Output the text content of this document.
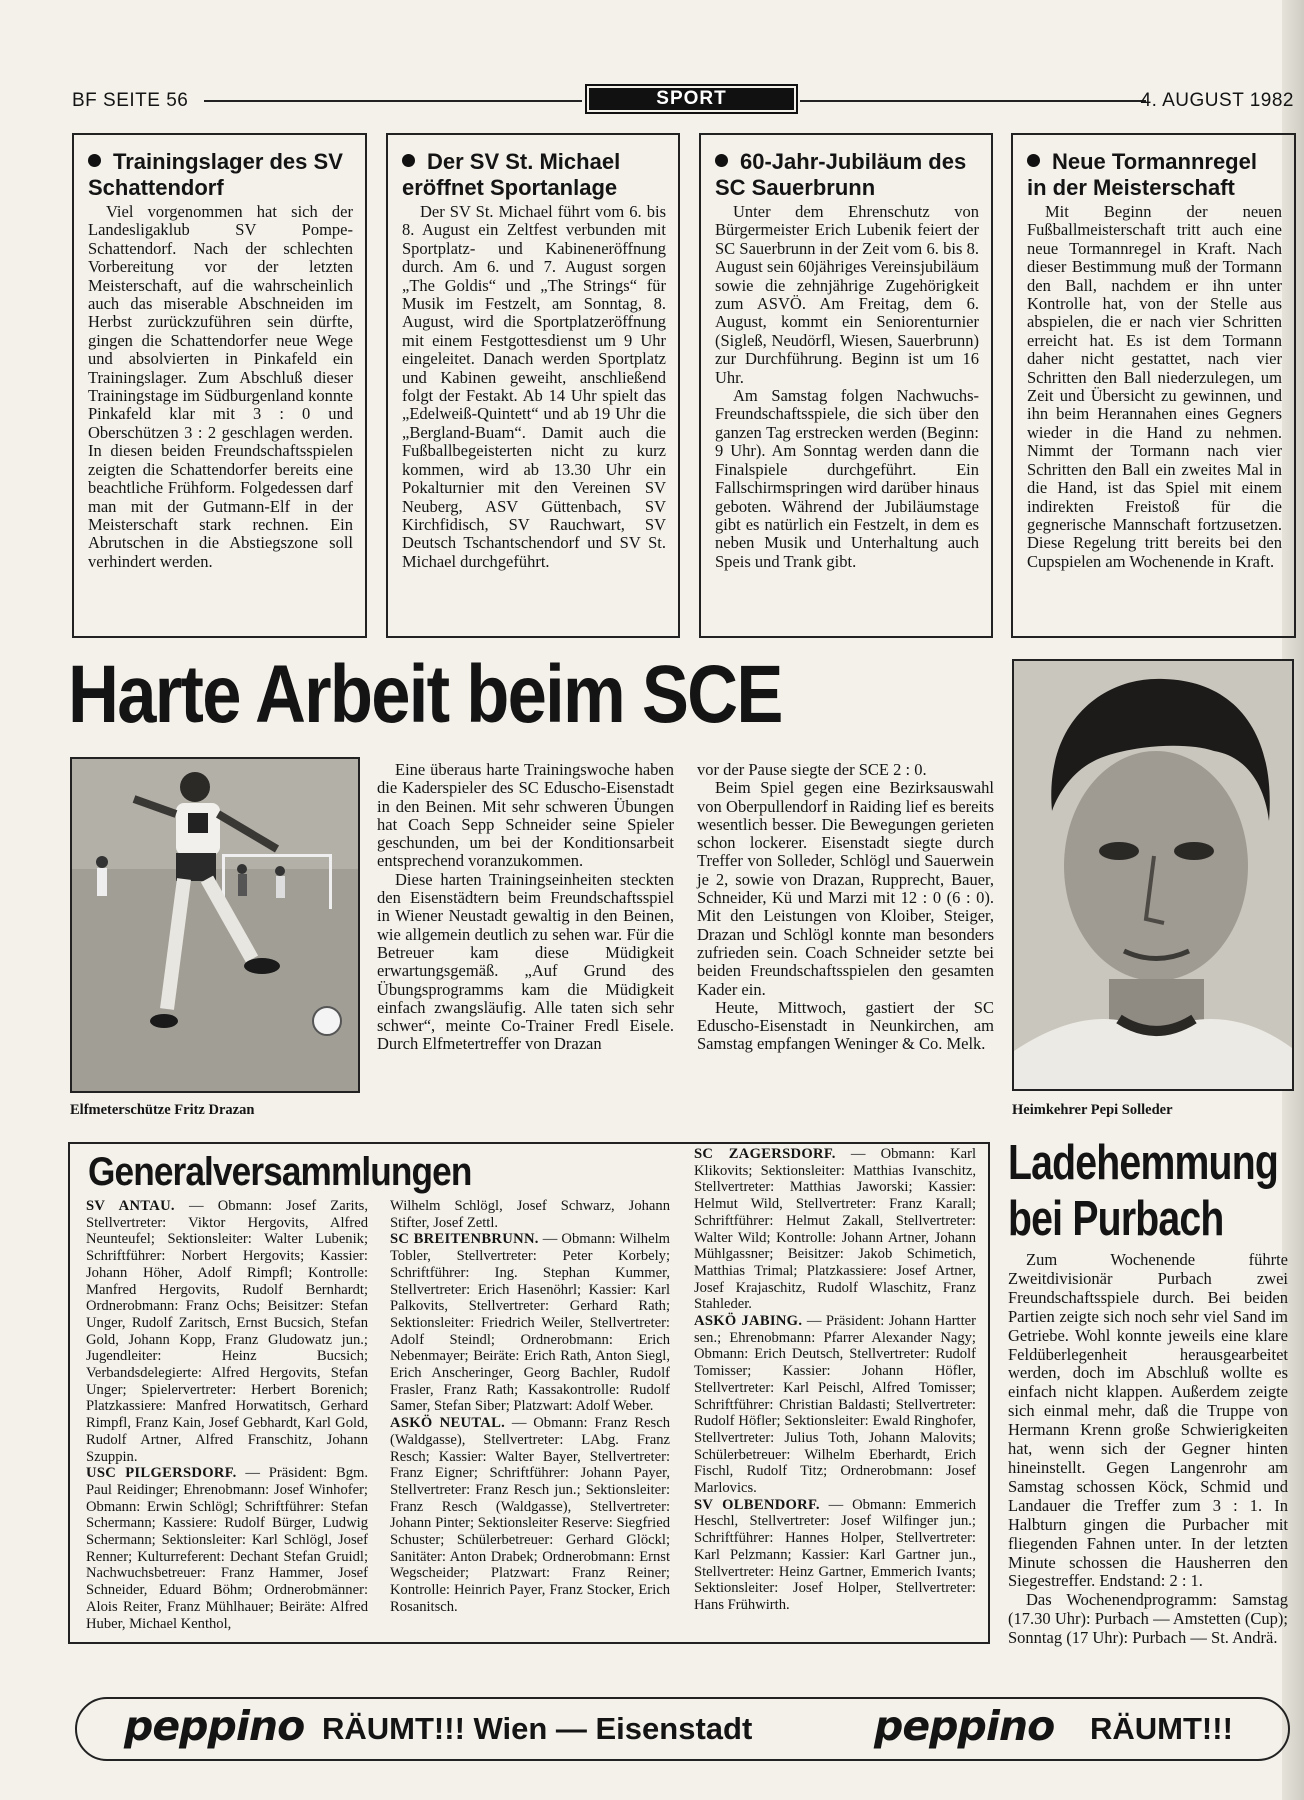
BF SEITE 56	SPORT	4. AUGUST 1982
Trainingslager des SV Schattendorf

Viel vorgenommen hat sich der Landesligaklub SV Pompe-Schattendorf. Nach der schlechten Vorbereitung vor der letzten Meisterschaft, auf die wahrscheinlich auch das miserable Abschneiden im Herbst zurückzuführen sein dürfte, gingen die Schattendorfer neue Wege und absolvierten in Pinkafeld ein Trainingslager. Zum Abschluß dieser Trainingstage im Südburgenland konnte Pinkafeld klar mit 3 : 0 und Oberschützen 3 : 2 geschlagen werden. In diesen beiden Freundschaftsspielen zeigten die Schattendorfer bereits eine beachtliche Frühform. Folgedessen darf man mit der Gutmann-Elf in der Meisterschaft stark rechnen. Ein Abrutschen in die Abstiegszone soll verhindert werden.

Der SV St. Michael eröffnet Sportanlage

Der SV St. Michael führt vom 6. bis 8. August ein Zeltfest verbunden mit Sportplatz- und Kabineneröffnung durch. Am 6. und 7. August sorgen „The Goldis“ und „The Strings“ für Musik im Festzelt, am Sonntag, 8. August, wird die Sportplatzeröffnung mit einem Festgottesdienst um 9 Uhr eingeleitet. Danach werden Sportplatz und Kabinen geweiht, anschließend folgt der Festakt. Ab 14 Uhr spielt das „Edelweiß-Quintett“ und ab 19 Uhr die „Bergland-Buam“. Damit auch die Fußballbegeisterten nicht zu kurz kommen, wird ab 13.30 Uhr ein Pokalturnier mit den Vereinen SV Neuberg, ASV Güttenbach, SV Kirchfidisch, SV Rauchwart, SV Deutsch Tschantschendorf und SV St. Michael durchgeführt.

60-Jahr-Jubiläum des SC Sauerbrunn

Unter dem Ehrenschutz von Bürgermeister Erich Lubenik feiert der SC Sauerbrunn in der Zeit vom 6. bis 8. August sein 60jähriges Vereinsjubiläum sowie die zehnjährige Zugehörigkeit zum ASVÖ. Am Freitag, dem 6. August, kommt ein Seniorenturnier (Sigleß, Neudörfl, Wiesen, Sauerbrunn) zur Durchführung. Beginn ist um 16 Uhr.

Am Samstag folgen Nachwuchs-Freundschaftsspiele, die sich über den ganzen Tag erstrecken werden (Beginn: 9 Uhr). Am Sonntag werden dann die Finalspiele durchgeführt. Ein Fallschirmspringen wird darüber hinaus geboten. Während der Jubiläumstage gibt es natürlich ein Festzelt, in dem es neben Musik und Unterhaltung auch Speis und Trank gibt.

Neue Tormannregel in der Meisterschaft

Mit Beginn der neuen Fußballmeisterschaft tritt auch eine neue Tormannregel in Kraft. Nach dieser Bestimmung muß der Tormann den Ball, nachdem er ihn unter Kontrolle hat, von der Stelle aus abspielen, die er nach vier Schritten erreicht hat. Es ist dem Tormann daher nicht gestattet, nach vier Schritten den Ball niederzulegen, um Zeit und Übersicht zu gewinnen, und ihn beim Herannahen eines Gegners wieder in die Hand zu nehmen. Nimmt der Tormann nach vier Schritten den Ball ein zweites Mal in die Hand, ist das Spiel mit einem indirekten Freistoß für die gegnerische Mannschaft fortzusetzen. Diese Regelung tritt bereits bei den Cupspielen am Wochenende in Kraft.

Harte Arbeit beim SCE
Elfmeterschütze Fritz Drazan

Eine überaus harte Trainingswoche haben die Kaderspieler des SC Eduscho-Eisenstadt in den Beinen. Mit sehr schweren Übungen hat Coach Sepp Schneider seine Spieler geschunden, um bei der Konditionsarbeit entsprechend voranzukommen.

Diese harten Trainingseinheiten steckten den Eisenstädtern beim Freundschaftsspiel in Wiener Neustadt gewaltig in den Beinen, wie allgemein deutlich zu sehen war. Für die Betreuer kam diese Müdigkeit erwartungsgemäß. „Auf Grund des Übungsprogramms kam die Müdigkeit einfach zwangsläufig. Alle taten sich sehr schwer“, meinte Co-Trainer Fredl Eisele. Durch Elfmetertreffer von Drazan

vor der Pause siegte der SCE 2 : 0.

Beim Spiel gegen eine Bezirksauswahl von Oberpullendorf in Raiding lief es bereits wesentlich besser. Die Bewegungen gerieten schon lockerer. Eisenstadt siegte durch Treffer von Solleder, Schlögl und Sauerwein je 2, sowie von Drazan, Rupprecht, Bauer, Schneider, Kü und Marzi mit 12 : 0 (6 : 0). Mit den Leistungen von Kloiber, Steiger, Drazan und Schlögl konnte man besonders zufrieden sein. Coach Schneider setzte bei beiden Freundschaftsspielen den gesamten Kader ein.

Heute, Mittwoch, gastiert der SC Eduscho-Eisenstadt in Neunkirchen, am Samstag empfangen Weninger & Co. Melk.

Heimkehrer Pepi Solleder
Generalversammlungen

SV ANTAU. — Obmann: Josef Zarits, Stellvertreter: Viktor Hergovits, Alfred Neunteufel; Sektionsleiter: Walter Lubenik; Schriftführer: Norbert Hergovits; Kassier: Johann Höher, Adolf Rimpfl; Kontrolle: Manfred Hergovits, Rudolf Bernhardt; Ordnerobmann: Franz Ochs; Beisitzer: Stefan Unger, Rudolf Zaritsch, Ernst Bucsich, Stefan Gold, Johann Kopp, Franz Gludowatz jun.; Jugendleiter: Heinz Bucsich; Verbandsdelegierte: Alfred Hergovits, Stefan Unger; Spielervertreter: Herbert Borenich; Platzkassiere: Manfred Horwatitsch, Gerhard Rimpfl, Franz Kain, Josef Gebhardt, Karl Gold, Rudolf Artner, Alfred Franschitz, Johann Szuppin.

USC PILGERSDORF. — Präsident: Bgm. Paul Reidinger; Ehrenobmann: Josef Winhofer; Obmann: Erwin Schlögl; Schriftführer: Stefan Schermann; Kassiere: Rudolf Bürger, Ludwig Schermann; Sektionsleiter: Karl Schlögl, Josef Renner; Kulturreferent: Dechant Stefan Gruidl; Nachwuchsbetreuer: Franz Hammer, Josef Schneider, Eduard Böhm; Ordnerobmänner: Alois Reiter, Franz Mühlhauer; Beiräte: Alfred Huber, Michael Kenthol,

Wilhelm Schlögl, Josef Schwarz, Johann Stifter, Josef Zettl.

SC BREITENBRUNN. — Obmann: Wilhelm Tobler, Stellvertreter: Peter Korbely; Schriftführer: Ing. Stephan Kummer, Stellvertreter: Erich Hasenöhrl; Kassier: Karl Palkovits, Stellvertreter: Gerhard Rath; Sektionsleiter: Friedrich Weiler, Stellvertreter: Adolf Steindl; Ordnerobmann: Erich Nebenmayer; Beiräte: Erich Rath, Anton Siegl, Erich Anscheringer, Georg Bachler, Rudolf Frasler, Franz Rath; Kassakontrolle: Rudolf Samer, Stefan Siber; Platzwart: Adolf Weber.

ASKÖ NEUTAL. — Obmann: Franz Resch (Waldgasse), Stellvertreter: LAbg. Franz Resch; Kassier: Walter Bayer, Stellvertreter: Franz Eigner; Schriftführer: Johann Payer, Stellvertreter: Franz Resch jun.; Sektionsleiter: Franz Resch (Waldgasse), Stellvertreter: Johann Pinter; Sektionsleiter Reserve: Siegfried Schuster; Schülerbetreuer: Gerhard Glöckl; Sanitäter: Anton Drabek; Ordnerobmann: Ernst Wegscheider; Platzwart: Franz Reiner; Kontrolle: Heinrich Payer, Franz Stocker, Erich Rosanitsch.

SC ZAGERSDORF. — Obmann: Karl Klikovits; Sektionsleiter: Matthias Ivanschitz, Stellvertreter: Matthias Jaworski; Kassier: Helmut Wild, Stellvertreter: Franz Karall; Schriftführer: Helmut Zakall, Stellvertreter: Walter Wild; Kontrolle: Johann Artner, Johann Mühlgassner; Beisitzer: Jakob Schimetich, Matthias Trimal; Platzkassiere: Josef Artner, Josef Krajaschitz, Rudolf Wlaschitz, Franz Stahleder.

ASKÖ JABING. — Präsident: Johann Hartter sen.; Ehrenobmann: Pfarrer Alexander Nagy; Obmann: Erich Deutsch, Stellvertreter: Rudolf Tomisser; Kassier: Johann Höfler, Stellvertreter: Karl Peischl, Alfred Tomisser; Schriftführer: Christian Baldasti; Stellvertreter: Rudolf Höfler; Sektionsleiter: Ewald Ringhofer, Stellvertreter: Julius Toth, Johann Malovits; Schülerbetreuer: Wilhelm Eberhardt, Erich Fischl, Rudolf Titz; Ordnerobmann: Josef Marlovics.

SV OLBENDORF. — Obmann: Emmerich Heschl, Stellvertreter: Josef Wilfinger jun.; Schriftführer: Hannes Holper, Stellvertreter: Karl Pelzmann; Kassier: Karl Gartner jun., Stellvertreter: Heinz Gartner, Emmerich Ivants; Sektionsleiter: Josef Holper, Stellvertreter: Hans Frühwirth.

Ladehemmung
bei Purbach

Zum Wochenende führte Zweitdivisionär Purbach zwei Freundschaftsspiele durch. Bei beiden Partien zeigte sich noch sehr viel Sand im Getriebe. Wohl konnte jeweils eine klare Feldüberlegenheit herausgearbeitet werden, doch im Abschluß wollte es einfach nicht klappen. Außerdem zeigte sich einmal mehr, daß die Truppe von Hermann Krenn große Schwierigkeiten hat, wenn sich der Gegner hinten hineinstellt. Gegen Langenrohr am Samstag schossen Köck, Schmid und Landauer die Treffer zum 3 : 1. In Halbturn gingen die Purbacher mit fliegenden Fahnen unter. In der letzten Minute schossen die Hausherren den Siegestreffer. Endstand: 2 : 1.

Das Wochenendprogramm: Samstag (17.30 Uhr): Purbach — Amstetten (Cup); Sonntag (17 Uhr): Purbach — St. Andrä.

peppino RÄUMT!!! Wien — Eisenstadt	peppino RÄUMT!!!
